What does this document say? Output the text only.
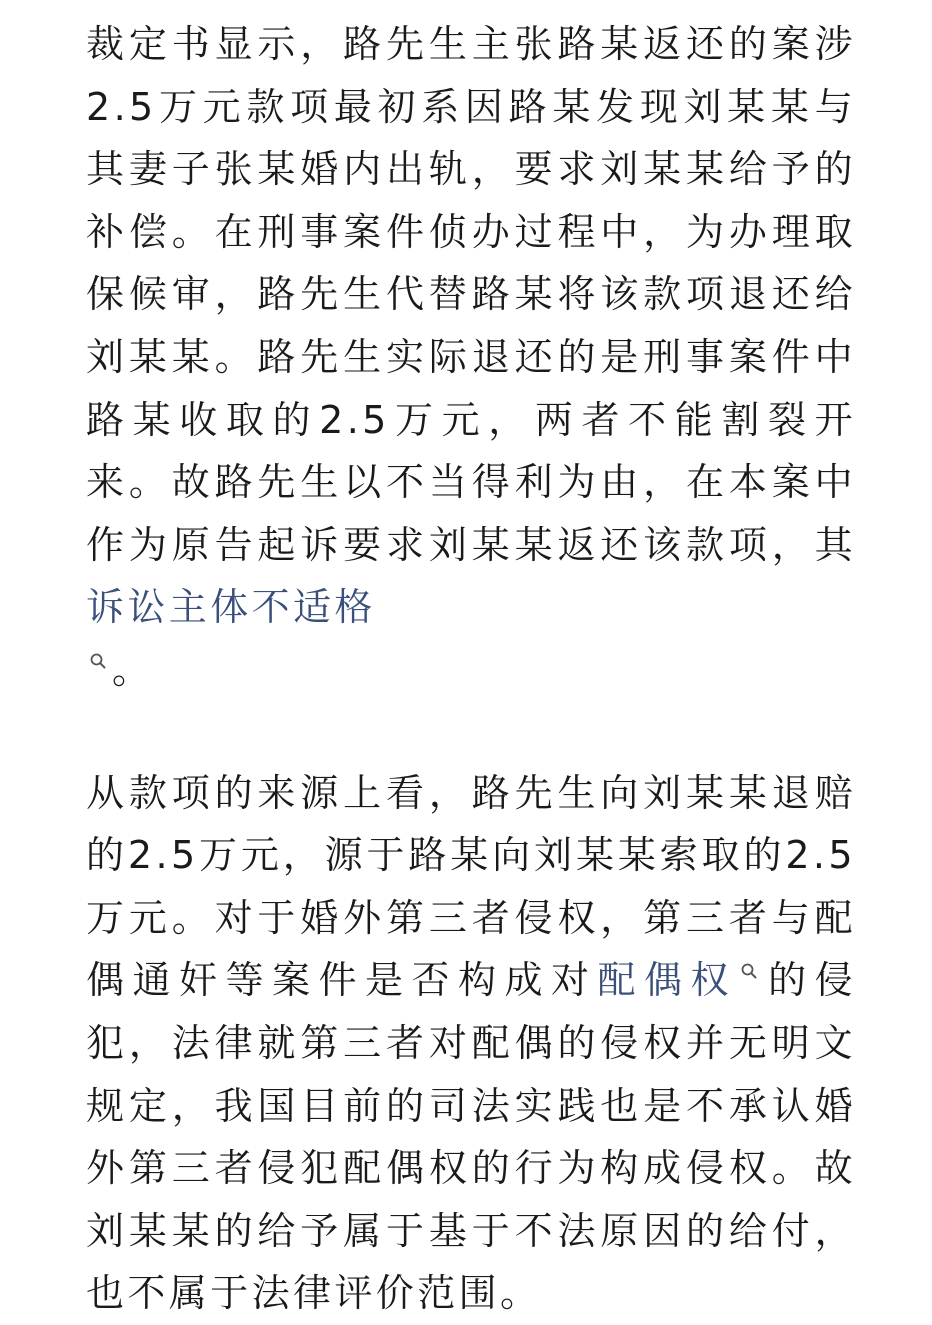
裁定书显示，路先生主张路某返还的案涉2.5万元款项最初系因路某发现刘某某与其妻子张某婚内出轨，要求刘某某给予的补偿。在刑事案件侦办过程中，为办理取保候审，路先生代替路某将该款项退还给刘某某。路先生实际退还的是刑事案件中路某收取的2.5万元，两者不能割裂开来。故路先生以不当得利为由，在本案中作为原告起诉要求刘某某返还该款项，其诉讼主体不适格

。

从款项的来源上看，路先生向刘某某退赔的2.5万元，源于路某向刘某某索取的2.5万元。对于婚外第三者侵权，第三者与配偶通奸等案件是否构成对配偶权 的侵犯，法律就第三者对配偶的侵权并无明文规定，我国目前的司法实践也是不承认婚外第三者侵犯配偶权的行为构成侵权。故刘某某的给予属于基于不法原因的给付，也不属于法律评价范围。
